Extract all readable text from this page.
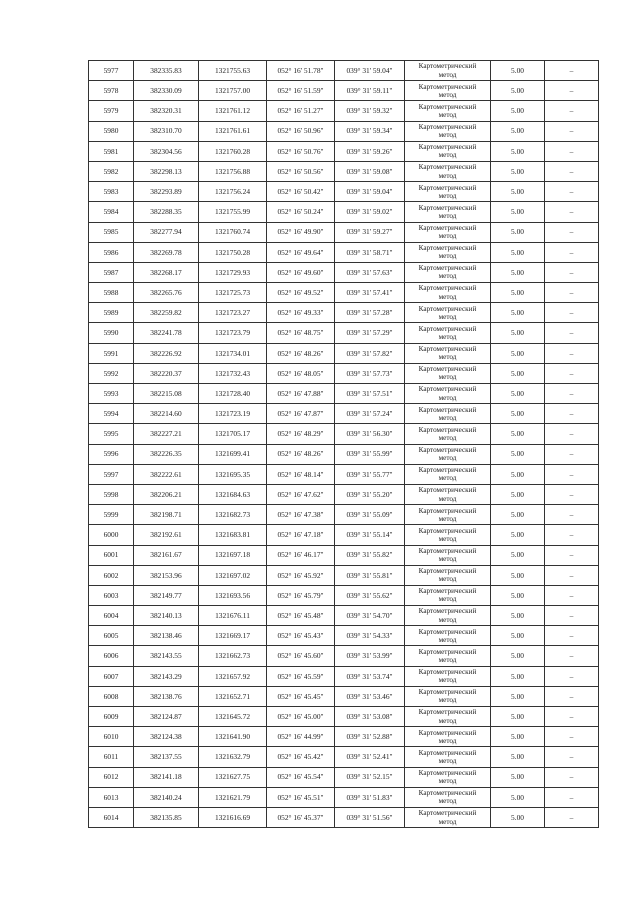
5977	382335.83	1321755.63	052° 16' 51.78"	039° 31' 59.04"	Картометрический
метод	5.00	–
5978	382330.09	1321757.00	052° 16' 51.59"	039° 31' 59.11"	Картометрический
метод	5.00	–
5979	382320.31	1321761.12	052° 16' 51.27"	039° 31' 59.32"	Картометрический
метод	5.00	–
5980	382310.70	1321761.61	052° 16' 50.96"	039° 31' 59.34"	Картометрический
метод	5.00	–
5981	382304.56	1321760.28	052° 16' 50.76"	039° 31' 59.26"	Картометрический
метод	5.00	–
5982	382298.13	1321756.88	052° 16' 50.56"	039° 31' 59.08"	Картометрический
метод	5.00	–
5983	382293.89	1321756.24	052° 16' 50.42"	039° 31' 59.04"	Картометрический
метод	5.00	–
5984	382288.35	1321755.99	052° 16' 50.24"	039° 31' 59.02"	Картометрический
метод	5.00	–
5985	382277.94	1321760.74	052° 16' 49.90"	039° 31' 59.27"	Картометрический
метод	5.00	–
5986	382269.78	1321750.28	052° 16' 49.64"	039° 31' 58.71"	Картометрический
метод	5.00	–
5987	382268.17	1321729.93	052° 16' 49.60"	039° 31' 57.63"	Картометрический
метод	5.00	–
5988	382265.76	1321725.73	052° 16' 49.52"	039° 31' 57.41"	Картометрический
метод	5.00	–
5989	382259.82	1321723.27	052° 16' 49.33"	039° 31' 57.28"	Картометрический
метод	5.00	–
5990	382241.78	1321723.79	052° 16' 48.75"	039° 31' 57.29"	Картометрический
метод	5.00	–
5991	382226.92	1321734.01	052° 16' 48.26"	039° 31' 57.82"	Картометрический
метод	5.00	–
5992	382220.37	1321732.43	052° 16' 48.05"	039° 31' 57.73"	Картометрический
метод	5.00	–
5993	382215.08	1321728.40	052° 16' 47.88"	039° 31' 57.51"	Картометрический
метод	5.00	–
5994	382214.60	1321723.19	052° 16' 47.87"	039° 31' 57.24"	Картометрический
метод	5.00	–
5995	382227.21	1321705.17	052° 16' 48.29"	039° 31' 56.30"	Картометрический
метод	5.00	–
5996	382226.35	1321699.41	052° 16' 48.26"	039° 31' 55.99"	Картометрический
метод	5.00	–
5997	382222.61	1321695.35	052° 16' 48.14"	039° 31' 55.77"	Картометрический
метод	5.00	–
5998	382206.21	1321684.63	052° 16' 47.62"	039° 31' 55.20"	Картометрический
метод	5.00	–
5999	382198.71	1321682.73	052° 16' 47.38"	039° 31' 55.09"	Картометрический
метод	5.00	–
6000	382192.61	1321683.81	052° 16' 47.18"	039° 31' 55.14"	Картометрический
метод	5.00	–
6001	382161.67	1321697.18	052° 16' 46.17"	039° 31' 55.82"	Картометрический
метод	5.00	–
6002	382153.96	1321697.02	052° 16' 45.92"	039° 31' 55.81"	Картометрический
метод	5.00	–
6003	382149.77	1321693.56	052° 16' 45.79"	039° 31' 55.62"	Картометрический
метод	5.00	–
6004	382140.13	1321676.11	052° 16' 45.48"	039° 31' 54.70"	Картометрический
метод	5.00	–
6005	382138.46	1321669.17	052° 16' 45.43"	039° 31' 54.33"	Картометрический
метод	5.00	–
6006	382143.55	1321662.73	052° 16' 45.60"	039° 31' 53.99"	Картометрический
метод	5.00	–
6007	382143.29	1321657.92	052° 16' 45.59"	039° 31' 53.74"	Картометрический
метод	5.00	–
6008	382138.76	1321652.71	052° 16' 45.45"	039° 31' 53.46"	Картометрический
метод	5.00	–
6009	382124.87	1321645.72	052° 16' 45.00"	039° 31' 53.08"	Картометрический
метод	5.00	–
6010	382124.38	1321641.90	052° 16' 44.99"	039° 31' 52.88"	Картометрический
метод	5.00	–
6011	382137.55	1321632.79	052° 16' 45.42"	039° 31' 52.41"	Картометрический
метод	5.00	–
6012	382141.18	1321627.75	052° 16' 45.54"	039° 31' 52.15"	Картометрический
метод	5.00	–
6013	382140.24	1321621.79	052° 16' 45.51"	039° 31' 51.83"	Картометрический
метод	5.00	–
6014	382135.85	1321616.69	052° 16' 45.37"	039° 31' 51.56"	Картометрический
метод	5.00	–
